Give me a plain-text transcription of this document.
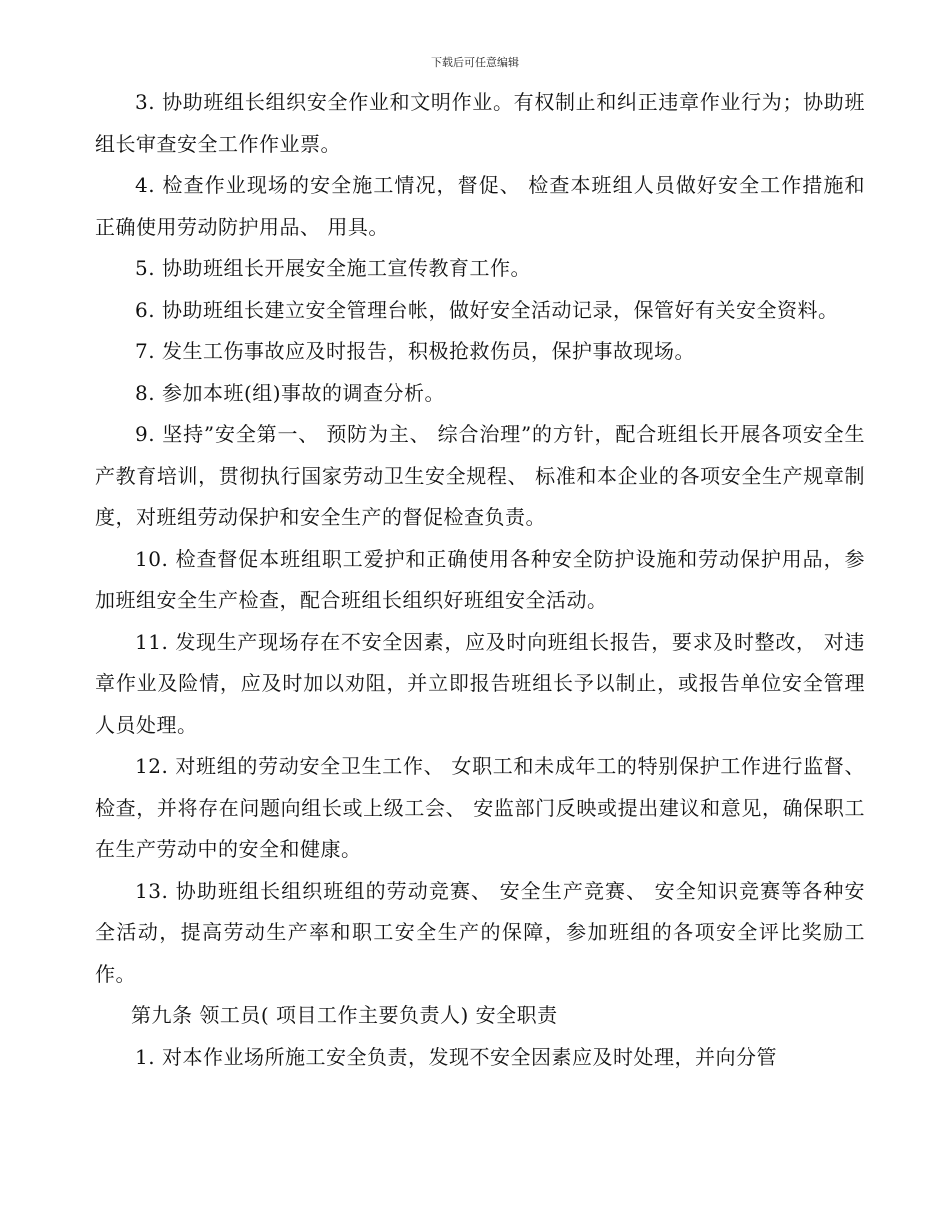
下载后可任意编辑

3. 协助班组长组织安全作业和文明作业。有权制止和纠正违章作业行为；协助班组长审查安全工作作业票。

4. 检查作业现场的安全施工情况，督促、 检查本班组人员做好安全工作措施和正确使用劳动防护用品、 用具。

5. 协助班组长开展安全施工宣传教育工作。

6. 协助班组长建立安全管理台帐，做好安全活动记录，保管好有关安全资料。

7. 发生工伤事故应及时报告，积极抢救伤员，保护事故现场。

8. 参加本班(组)事故的调查分析。

9. 坚持”安全第一、 预防为主、 综合治理”的方针，配合班组长开展各项安全生产教育培训，贯彻执行国家劳动卫生安全规程、 标准和本企业的各项安全生产规章制度，对班组劳动保护和安全生产的督促检查负责。

10. 检查督促本班组职工爱护和正确使用各种安全防护设施和劳动保护用品，参加班组安全生产检查，配合班组长组织好班组安全活动。

11. 发现生产现场存在不安全因素，应及时向班组长报告，要求及时整改， 对违章作业及险情，应及时加以劝阻，并立即报告班组长予以制止，或报告单位安全管理人员处理。

12. 对班组的劳动安全卫生工作、 女职工和未成年工的特别保护工作进行监督、 检查，并将存在问题向组长或上级工会、 安监部门反映或提出建议和意见，确保职工在生产劳动中的安全和健康。

13. 协助班组长组织班组的劳动竞赛、 安全生产竞赛、 安全知识竞赛等各种安全活动，提高劳动生产率和职工安全生产的保障，参加班组的各项安全评比奖励工作。

第九条 领工员( 项目工作主要负责人) 安全职责

1. 对本作业场所施工安全负责，发现不安全因素应及时处理，并向分管
